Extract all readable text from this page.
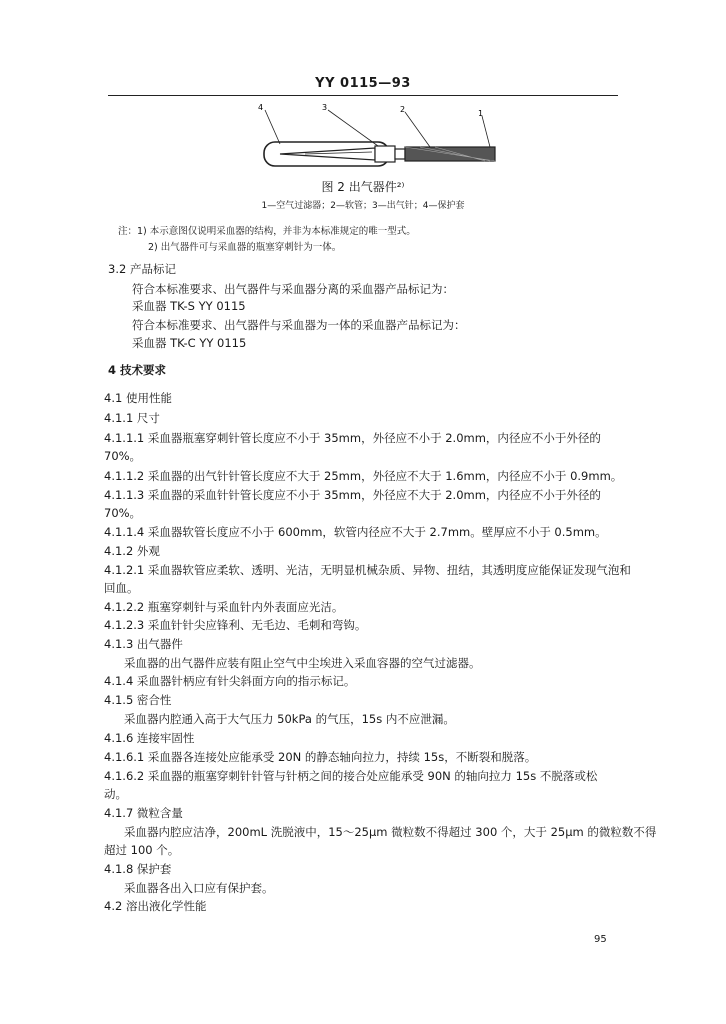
YY 0115—93
4	3	2	1
图 2 出气器件²⁾
1—空气过滤器；2—软管；3—出气针；4—保护套
注：1) 本示意图仅说明采血器的结构，并非为本标准规定的唯一型式。
2) 出气器件可与采血器的瓶塞穿刺针为一体。
3.2 产品标记
符合本标准要求、出气器件与采血器分离的采血器产品标记为：
采血器 TK-S YY 0115
符合本标准要求、出气器件与采血器为一体的采血器产品标记为：
采血器 TK-C YY 0115
4 技术要求
4.1 使用性能
4.1.1 尺寸
4.1.1.1 采血器瓶塞穿刺针管长度应不小于 35mm，外径应不小于 2.0mm，内径应不小于外径的
70%。
4.1.1.2 采血器的出气针针管长度应不大于 25mm，外径应不大于 1.6mm，内径应不小于 0.9mm。
4.1.1.3 采血器的采血针针管长度应不小于 35mm，外径应不大于 2.0mm，内径应不小于外径的
70%。
4.1.1.4 采血器软管长度应不小于 600mm，软管内径应不大于 2.7mm。壁厚应不小于 0.5mm。
4.1.2 外观
4.1.2.1 采血器软管应柔软、透明、光洁，无明显机械杂质、异物、扭结，其透明度应能保证发现气泡和
回血。
4.1.2.2 瓶塞穿刺针与采血针内外表面应光洁。
4.1.2.3 采血针针尖应锋利、无毛边、毛刺和弯钩。
4.1.3 出气器件
采血器的出气器件应装有阻止空气中尘埃进入采血容器的空气过滤器。
4.1.4 采血器针柄应有针尖斜面方向的指示标记。
4.1.5 密合性
采血器内腔通入高于大气压力 50kPa 的气压，15s 内不应泄漏。
4.1.6 连接牢固性
4.1.6.1 采血器各连接处应能承受 20N 的静态轴向拉力，持续 15s，不断裂和脱落。
4.1.6.2 采血器的瓶塞穿刺针针管与针柄之间的接合处应能承受 90N 的轴向拉力 15s 不脱落或松
动。
4.1.7 微粒含量
采血器内腔应洁净，200mL 洗脱液中，15～25μm 微粒数不得超过 300 个，大于 25μm 的微粒数不得
超过 100 个。
4.1.8 保护套
采血器各出入口应有保护套。
4.2 溶出液化学性能
95
